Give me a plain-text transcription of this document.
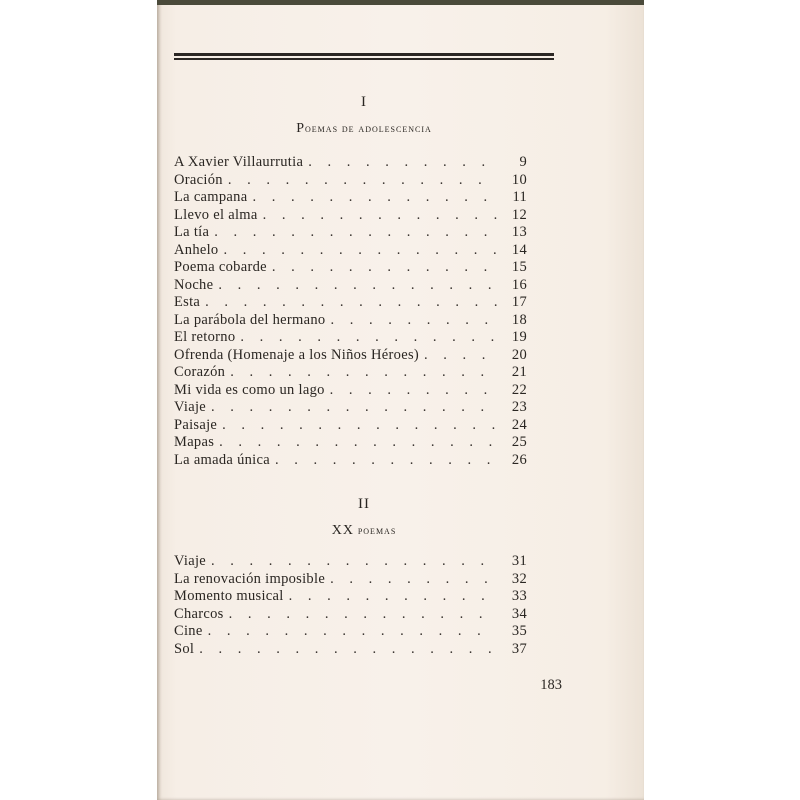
I
Poemas de adolescencia
A Xavier Villaurrutia . . .	9
Oración . . .	10
La campana . . .	11
Llevo el alma . . .	12
La tía . . .	13
Anhelo . . .	14
Poema cobarde . . .	15
Noche . . .	16
Esta . . .	17
La parábola del hermano . . .	18
El retorno . . .	19
Ofrenda (Homenaje a los Niños Héroes) . . .	20
Corazón . . .	21
Mi vida es como un lago . . .	22
Viaje . . .	23
Paisaje . . .	24
Mapas . . .	25
La amada única . . .	26
II
XX poemas
Viaje . . .	31
La renovación imposible . . .	32
Momento musical . . .	33
Charcos . . .	34
Cine . . .	35
Sol . . .	37
183
